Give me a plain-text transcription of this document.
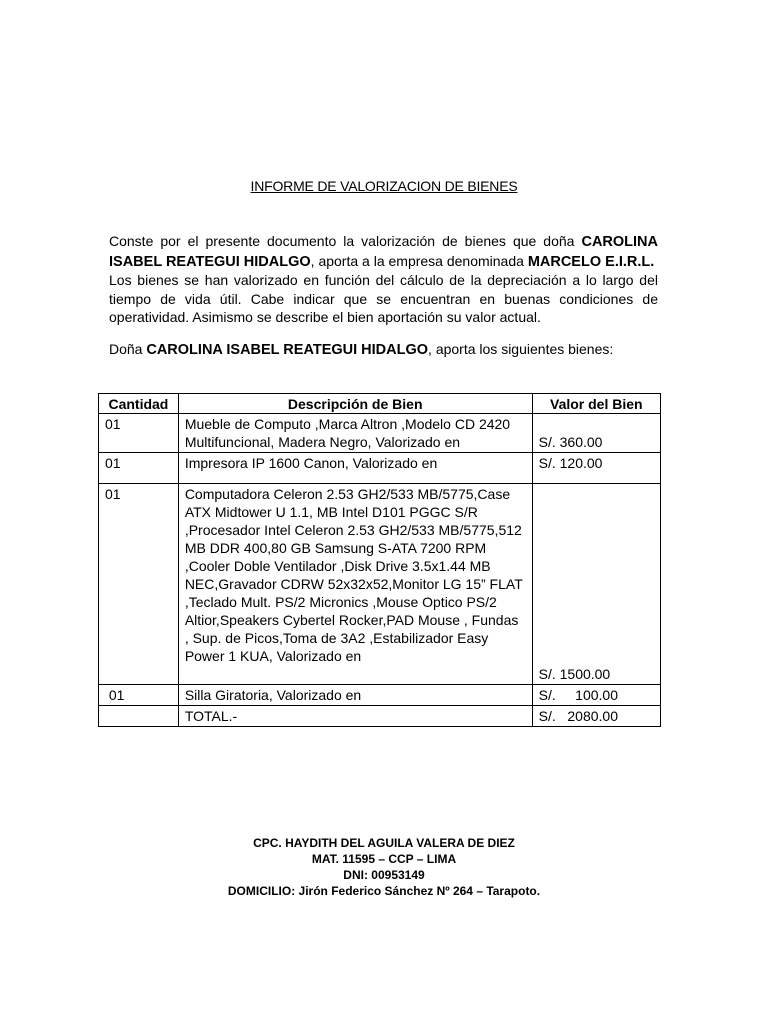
INFORME DE VALORIZACION DE BIENES
Conste por el presente documento la valorización de bienes que doña CAROLINA ISABEL REATEGUI HIDALGO, aporta a la empresa denominada MARCELO E.I.R.L.
Los bienes se han valorizado en función del cálculo de la depreciación a lo largo del tiempo de vida útil. Cabe indicar que se encuentran en buenas condiciones de operatividad. Asimismo se describe el bien aportación su valor actual.
Doña CAROLINA ISABEL REATEGUI HIDALGO, aporta los siguientes bienes:
Cantidad	Descripción de Bien	Valor del Bien
01	Mueble de Computo ,Marca Altron ,Modelo CD 2420 Multifuncional, Madera Negro, Valorizado en	S/. 360.00
01	Impresora IP 1600 Canon, Valorizado en	S/. 120.00
01	Computadora Celeron 2.53 GH2/533 MB/5775,Case ATX Midtower U 1.1, MB Intel D101 PGGC S/R ,Procesador Intel Celeron 2.53 GH2/533 MB/5775,512 MB DDR 400,80 GB Samsung S-ATA 7200 RPM ,Cooler Doble Ventilador ,Disk Drive 3.5x1.44 MB NEC,Gravador CDRW 52x32x52,Monitor LG 15” FLAT ,Teclado Mult. PS/2 Micronics ,Mouse Optico PS/2 Altior,Speakers Cybertel Rocker,PAD Mouse , Fundas , Sup. de Picos,Toma de 3A2 ,Estabilizador Easy Power 1 KUA, Valorizado en	S/. 1500.00
01	Silla Giratoria, Valorizado en	S/.     100.00
	TOTAL.-	S/.   2080.00
CPC. HAYDITH DEL AGUILA VALERA DE DIEZ
MAT. 11595 – CCP – LIMA
DNI: 00953149
DOMICILIO: Jirón Federico Sánchez Nº 264 – Tarapoto.
